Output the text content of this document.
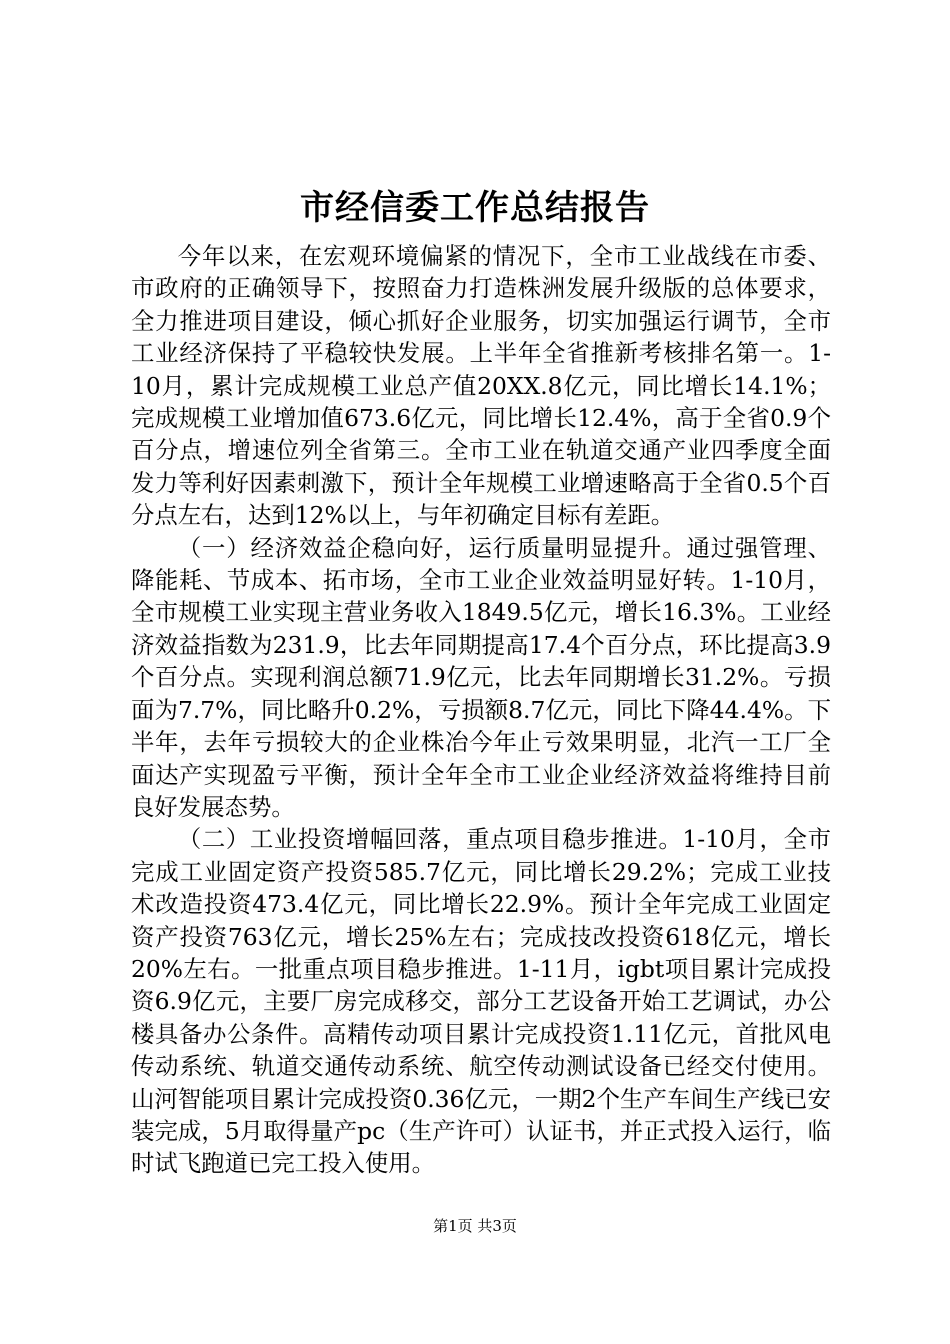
市经信委工作总结报告

今年以来，在宏观环境偏紧的情况下，全市工业战线在市委、市政府的正确领导下，按照奋力打造株洲发展升级版的总体要求，全力推进项目建设，倾心抓好企业服务，切实加强运行调节，全市工业经济保持了平稳较快发展。上半年全省推新考核排名第一。1-10月，累计完成规模工业总产值20XX.8亿元，同比增长14.1%；完成规模工业增加值673.6亿元，同比增长12.4%，高于全省0.9个百分点，增速位列全省第三。全市工业在轨道交通产业四季度全面发力等利好因素刺激下，预计全年规模工业增速略高于全省0.5个百分点左右，达到12%以上，与年初确定目标有差距。

（一）经济效益企稳向好，运行质量明显提升。通过强管理、降能耗、节成本、拓市场，全市工业企业效益明显好转。1-10月，全市规模工业实现主营业务收入1849.5亿元，增长16.3%。工业经济效益指数为231.9，比去年同期提高17.4个百分点，环比提高3.9个百分点。实现利润总额71.9亿元，比去年同期增长31.2%。亏损面为7.7%，同比略升0.2%，亏损额8.7亿元，同比下降44.4%。下半年，去年亏损较大的企业株冶今年止亏效果明显，北汽一工厂全面达产实现盈亏平衡，预计全年全市工业企业经济效益将维持目前良好发展态势。

（二）工业投资增幅回落，重点项目稳步推进。1-10月，全市完成工业固定资产投资585.7亿元，同比增长29.2%；完成工业技术改造投资473.4亿元，同比增长22.9%。预计全年完成工业固定资产投资763亿元，增长25%左右；完成技改投资618亿元，增长20%左右。一批重点项目稳步推进。1-11月，igbt项目累计完成投资6.9亿元，主要厂房完成移交，部分工艺设备开始工艺调试，办公楼具备办公条件。高精传动项目累计完成投资1.11亿元，首批风电传动系统、轨道交通传动系统、航空传动测试设备已经交付使用。山河智能项目累计完成投资0.36亿元，一期2个生产车间生产线已安装完成，5月取得量产pc（生产许可）认证书，并正式投入运行，临时试飞跑道已完工投入使用。

第1页 共3页
